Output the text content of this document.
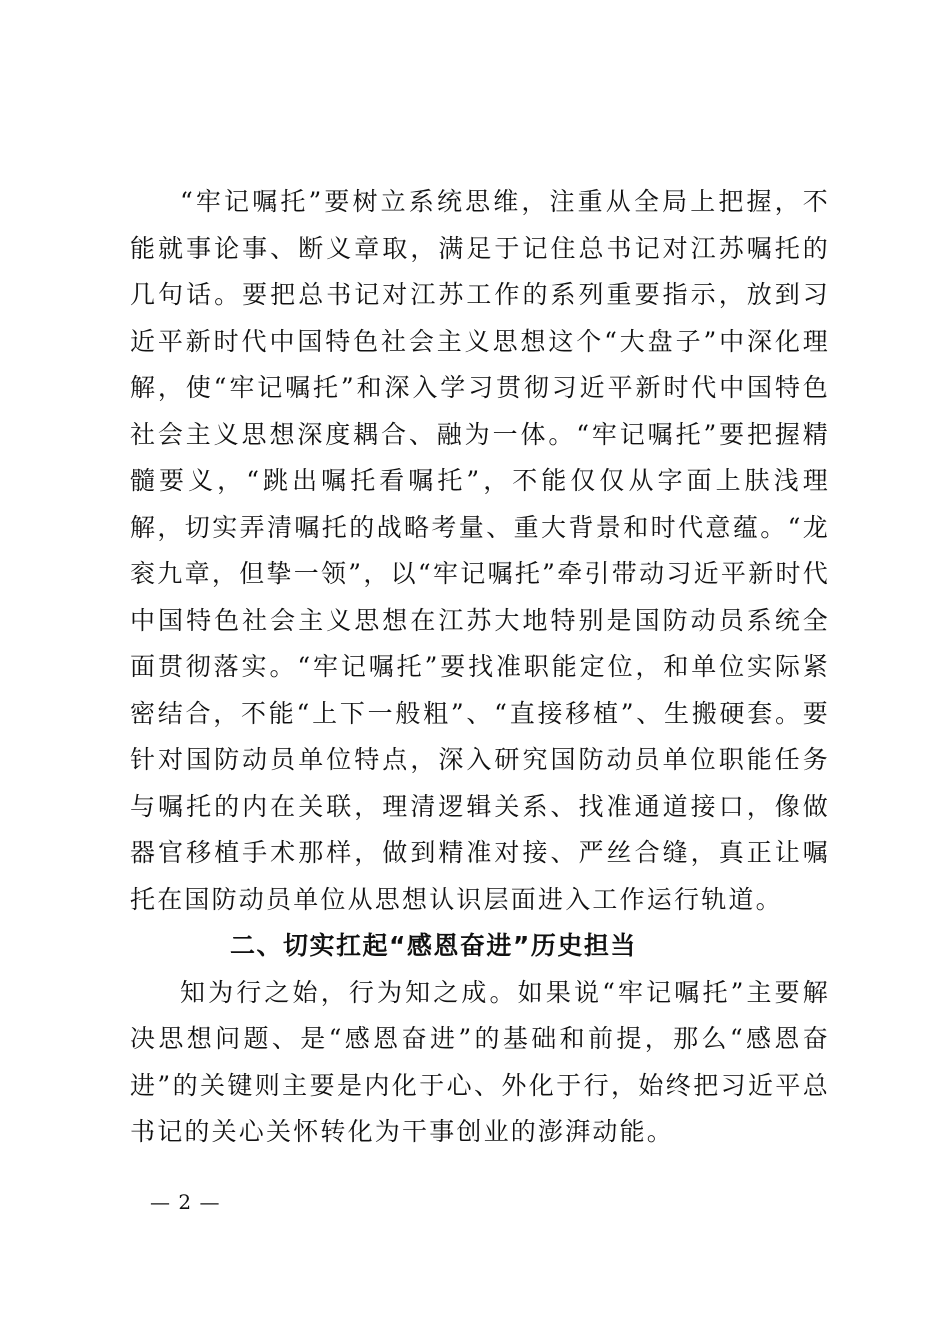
“牢记嘱托”要树立系统思维，注重从全局上把握，不能就事论事、断义章取，满足于记住总书记对江苏嘱托的几句话。要把总书记对江苏工作的系列重要指示，放到习近平新时代中国特色社会主义思想这个“大盘子”中深化理解，使“牢记嘱托”和深入学习贯彻习近平新时代中国特色社会主义思想深度耦合、融为一体。“牢记嘱托”要把握精髓要义，“跳出嘱托看嘱托”，不能仅仅从字面上肤浅理解，切实弄清嘱托的战略考量、重大背景和时代意蕴。“龙衮九章，但挚一领”，以“牢记嘱托”牵引带动习近平新时代中国特色社会主义思想在江苏大地特别是国防动员系统全面贯彻落实。“牢记嘱托”要找准职能定位，和单位实际紧密结合，不能“上下一般粗”、“直接移植”、生搬硬套。要针对国防动员单位特点，深入研究国防动员单位职能任务与嘱托的内在关联，理清逻辑关系、找准通道接口，像做器官移植手术那样，做到精准对接、严丝合缝，真正让嘱托在国防动员单位从思想认识层面进入工作运行轨道。

二、切实扛起“感恩奋进”历史担当

知为行之始，行为知之成。如果说“牢记嘱托”主要解决思想问题、是“感恩奋进”的基础和前提，那么“感恩奋进”的关键则主要是内化于心、外化于行，始终把习近平总书记的关心关怀转化为干事创业的澎湃动能。

— 2 —
